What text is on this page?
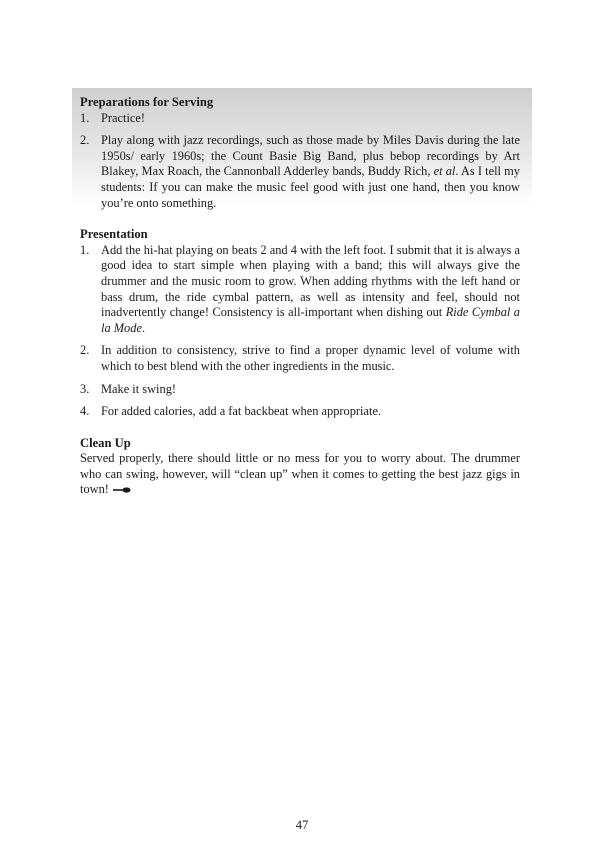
Preparations for Serving
1. Practice!
2. Play along with jazz recordings, such as those made by Miles Davis during the late 1950s/ early 1960s; the Count Basie Big Band, plus bebop recordings by Art Blakey, Max Roach, the Cannonball Adderley bands, Buddy Rich, et al. As I tell my students: If you can make the music feel good with just one hand, then you know you’re onto something.
Presentation
1. Add the hi-hat playing on beats 2 and 4 with the left foot. I submit that it is always a good idea to start simple when playing with a band; this will always give the drummer and the music room to grow. When adding rhythms with the left hand or bass drum, the ride cymbal pattern, as well as intensity and feel, should not inadvertently change! Consistency is all-important when dishing out Ride Cymbal a la Mode.
2. In addition to consistency, strive to find a proper dynamic level of volume with which to best blend with the other ingredients in the music.
3. Make it swing!
4. For added calories, add a fat backbeat when appropriate.
Clean Up
Served properly, there should little or no mess for you to worry about. The drummer who can swing, however, will “clean up” when it comes to getting the best jazz gigs in town!
47
